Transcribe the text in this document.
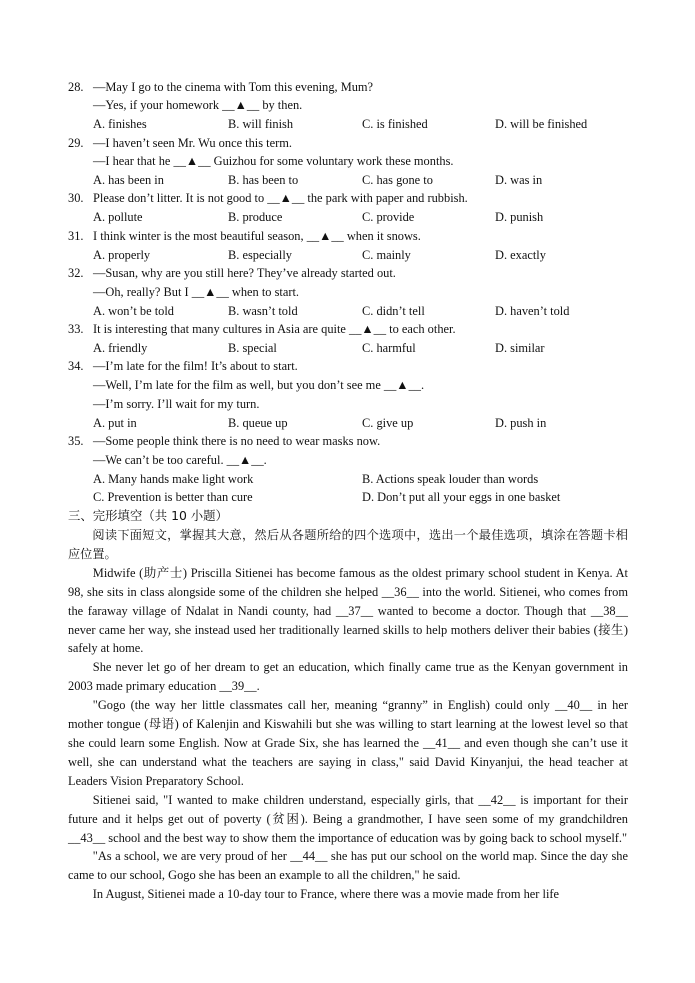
28. —May I go to the cinema with Tom this evening, Mum?
—Yes, if your homework __▲__ by then.
A. finishes	B. will finish	C. is finished	D. will be finished
29. —I haven’t seen Mr. Wu once this term.
—I hear that he __▲__ Guizhou for some voluntary work these months.
A. has been in	B. has been to	C. has gone to	D. was in
30. Please don’t litter. It is not good to __▲__ the park with paper and rubbish.
A. pollute	B. produce	C. provide	D. punish
31. I think winter is the most beautiful season, __▲__ when it snows.
A. properly	B. especially	C. mainly	D. exactly
32. —Susan, why are you still here? They’ve already started out.
—Oh, really? But I __▲__ when to start.
A. won’t be told	B. wasn’t told	C. didn’t tell	D. haven’t told
33. It is interesting that many cultures in Asia are quite __▲__ to each other.
A. friendly	B. special	C. harmful	D. similar
34. —I’m late for the film! It’s about to start.
—Well, I’m late for the film as well, but you don’t see me __▲__.
—I’m sorry. I’ll wait for my turn.
A. put in	B. queue up	C. give up	D. push in
35. —Some people think there is no need to wear masks now.
—We can’t be too careful. __▲__.
A. Many hands make light work	B. Actions speak louder than words
C. Prevention is better than cure	D. Don’t put all your eggs in one basket
三、完形填空（共 10 小题）

阅读下面短文，掌握其大意，然后从各题所给的四个选项中，选出一个最佳选项，填涂在答题卡相应位置。

Midwife (助产士) Priscilla Sitienei has become famous as the oldest primary school student in Kenya. At 98, she sits in class alongside some of the children she helped __36__ into the world. Sitienei, who comes from the faraway village of Ndalat in Nandi county, had __37__ wanted to become a doctor. Though that __38__ never came her way, she instead used her traditionally learned skills to help mothers deliver their babies (接生) safely at home.

She never let go of her dream to get an education, which finally came true as the Kenyan government in 2003 made primary education __39__.

"Gogo (the way her little classmates call her, meaning “granny” in English) could only __40__ in her mother tongue (母语) of Kalenjin and Kiswahili but she was willing to start learning at the lowest level so that she could learn some English. Now at Grade Six, she has learned the __41__ and even though she can’t use it well, she can understand what the teachers are saying in class," said David Kinyanjui, the head teacher at Leaders Vision Preparatory School.

Sitienei said, "I wanted to make children understand, especially girls, that __42__ is important for their future and it helps get out of poverty (贫困). Being a grandmother, I have seen some of my grandchildren __43__ school and the best way to show them the importance of education was by going back to school myself."

"As a school, we are very proud of her __44__ she has put our school on the world map. Since the day she came to our school, Gogo she has been an example to all the children," he said.

In August, Sitienei made a 10-day tour to France, where there was a movie made from her life
